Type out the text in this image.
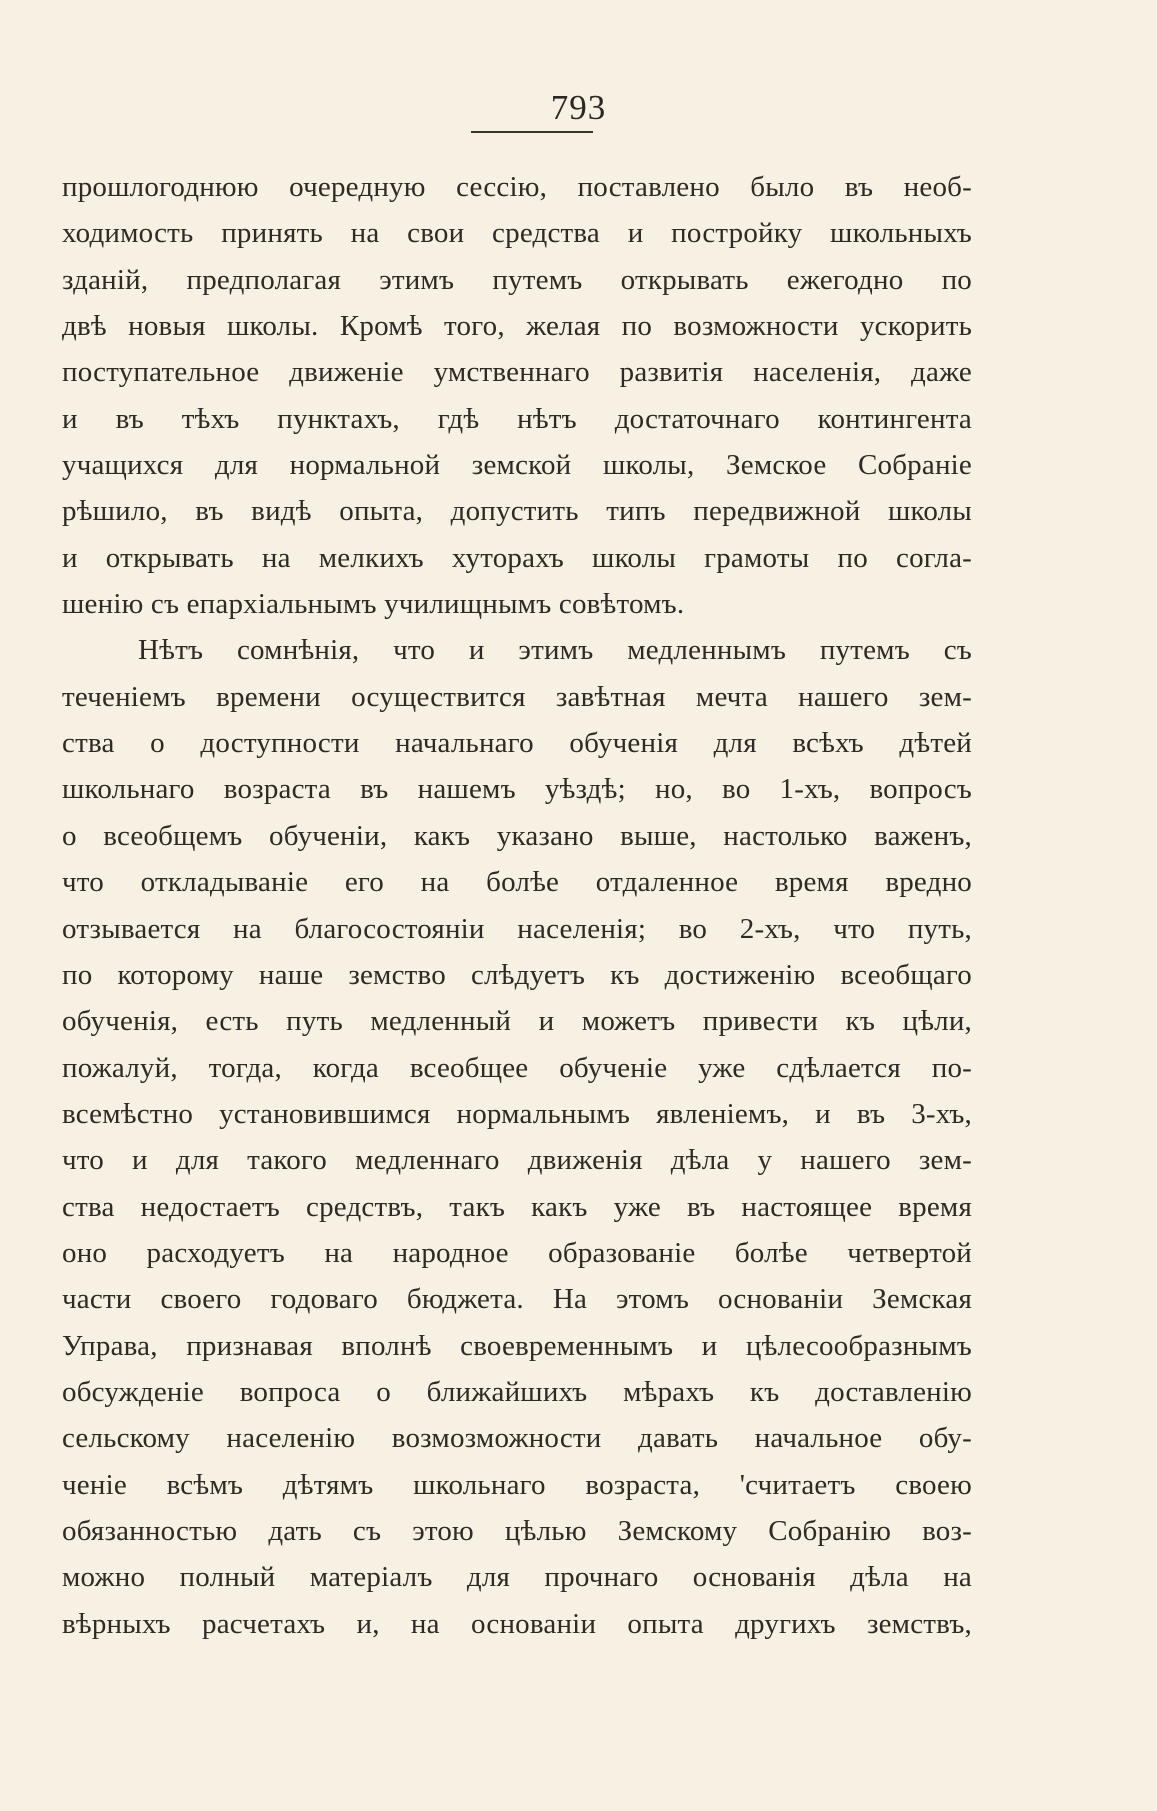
793
прошлогоднюю очередную сессію, поставлено было въ необ-
ходимость принять на свои средства и постройку школьныхъ
зданій, предполагая этимъ путемъ открывать ежегодно по
двѣ новыя школы. Кромѣ того, желая по возможности ускорить
поступательное движеніе умственнаго развитія населенія, даже
и въ тѣхъ пунктахъ, гдѣ нѣтъ достаточнаго контингента
учащихся для нормальной земской школы, Земское Собраніе
рѣшило, въ видѣ опыта, допустить типъ передвижной школы
и открывать на мелкихъ хуторахъ школы грамоты по согла-
шенію съ епархіальнымъ училищнымъ совѣтомъ.
Нѣтъ сомнѣнія, что и этимъ медленнымъ путемъ съ
теченіемъ времени осуществится завѣтная мечта нашего зем-
ства о доступности начальнаго обученія для всѣхъ дѣтей
школьнаго возраста въ нашемъ уѣздѣ; но, во 1-хъ, вопросъ
о всеобщемъ обученіи, какъ указано выше, настолько важенъ,
что откладываніе его на болѣе отдаленное время вредно
отзывается на благосостояніи населенія; во 2-хъ, что путь,
по которому наше земство слѣдуетъ къ достиженію всеобщаго
обученія, есть путь медленный и можетъ привести къ цѣли,
пожалуй, тогда, когда всеобщее обученіе уже сдѣлается по-
всемѣстно установившимся нормальнымъ явленіемъ, и въ 3-хъ,
что и для такого медленнаго движенія дѣла у нашего зем-
ства недостаетъ средствъ, такъ какъ уже въ настоящее время
оно расходуетъ на народное образованіе болѣе четвертой
части своего годоваго бюджета. На этомъ основаніи Земская
Управа, признавая вполнѣ своевременнымъ и цѣлесообразнымъ
обсужденіе вопроса о ближайшихъ мѣрахъ къ доставленію
сельскому населенію возмозможности давать начальное обу-
ченіе всѣмъ дѣтямъ школьнаго возраста, 'считаетъ своею
обязанностью дать съ этою цѣлью Земскому Собранію воз-
можно полный матеріалъ для прочнаго основанія дѣла на
вѣрныхъ расчетахъ и, на основаніи опыта другихъ земствъ,
